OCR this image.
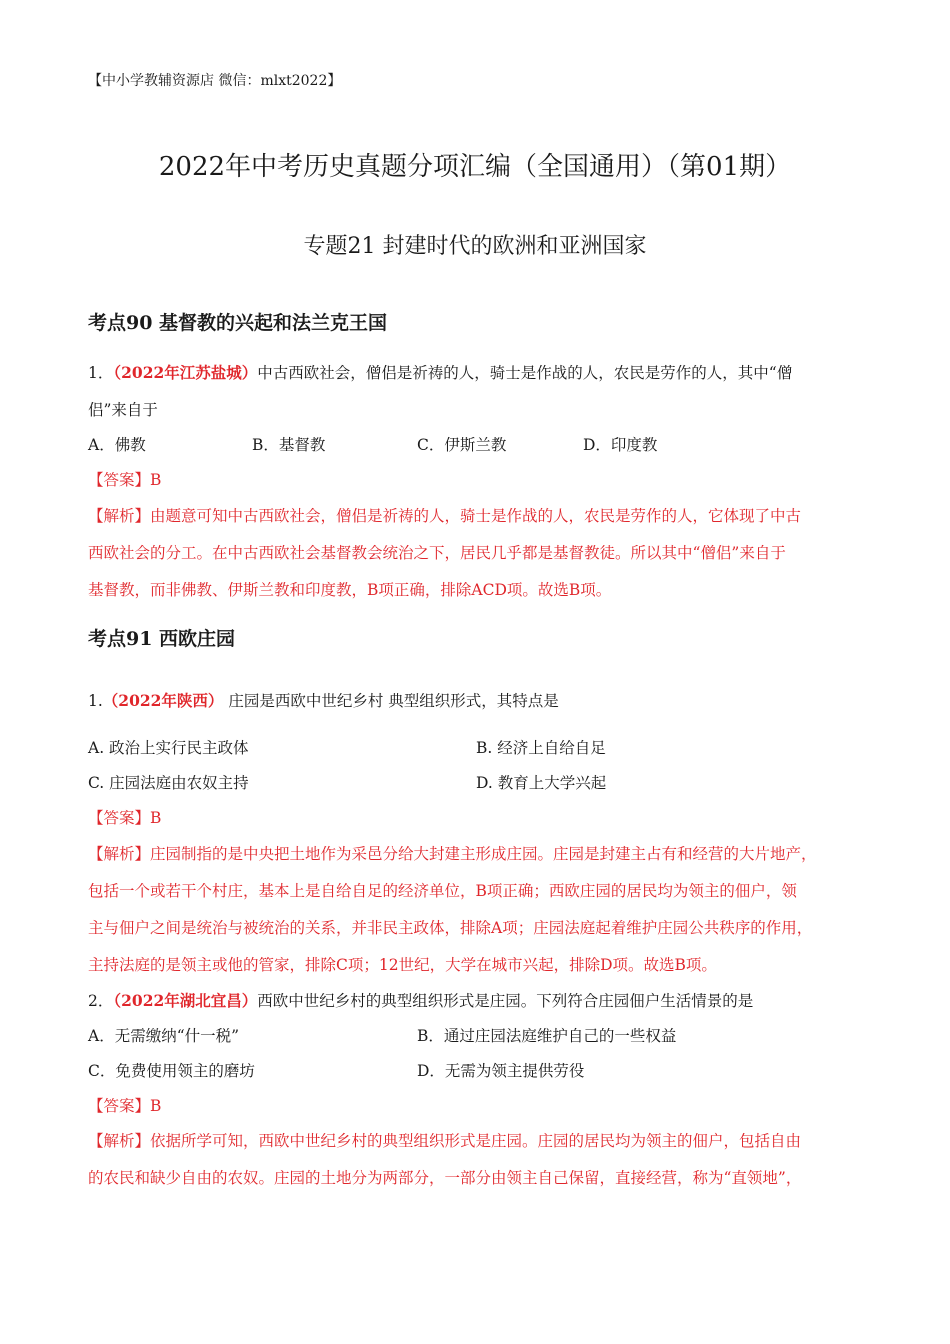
【中小学教辅资源店 微信：mlxt2022】
2022年中考历史真题分项汇编（全国通用）（第01期）
专题21 封建时代的欧洲和亚洲国家
考点90 基督教的兴起和法兰克王国
1．（2022年江苏盐城）中古西欧社会，僧侣是祈祷的人，骑士是作战的人，农民是劳作的人，其中“僧
侣”来自于
A．佛教	B．基督教	C．伊斯兰教	D．印度教
【答案】B
【解析】由题意可知中古西欧社会，僧侣是祈祷的人，骑士是作战的人，农民是劳作的人，它体现了中古
西欧社会的分工。在中古西欧社会基督教会统治之下，居民几乎都是基督教徒。所以其中“僧侣”来自于
基督教，而非佛教、伊斯兰教和印度教，B项正确，排除ACD项。故选B项。
考点91 西欧庄园
1.（2022年陕西） 庄园是西欧中世纪乡村 典型组织形式，其特点是
A. 政治上实行民主政体	B. 经济上自给自足
C. 庄园法庭由农奴主持	D. 教育上大学兴起
【答案】B
【解析】庄园制指的是中央把土地作为采邑分给大封建主形成庄园。庄园是封建主占有和经营的大片地产，
包括一个或若干个村庄，基本上是自给自足的经济单位，B项正确；西欧庄园的居民均为领主的佃户，领
主与佃户之间是统治与被统治的关系，并非民主政体，排除A项；庄园法庭起着维护庄园公共秩序的作用，
主持法庭的是领主或他的管家，排除C项；12世纪，大学在城市兴起，排除D项。故选B项。
2．（2022年湖北宜昌）西欧中世纪乡村的典型组织形式是庄园。下列符合庄园佃户生活情景的是
A．无需缴纳“什一税”	B．通过庄园法庭维护自己的一些权益
C．免费使用领主的磨坊	D．无需为领主提供劳役
【答案】B
【解析】依据所学可知，西欧中世纪乡村的典型组织形式是庄园。庄园的居民均为领主的佃户，包括自由
的农民和缺少自由的农奴。庄园的土地分为两部分，一部分由领主自己保留，直接经营，称为“直领地”，
